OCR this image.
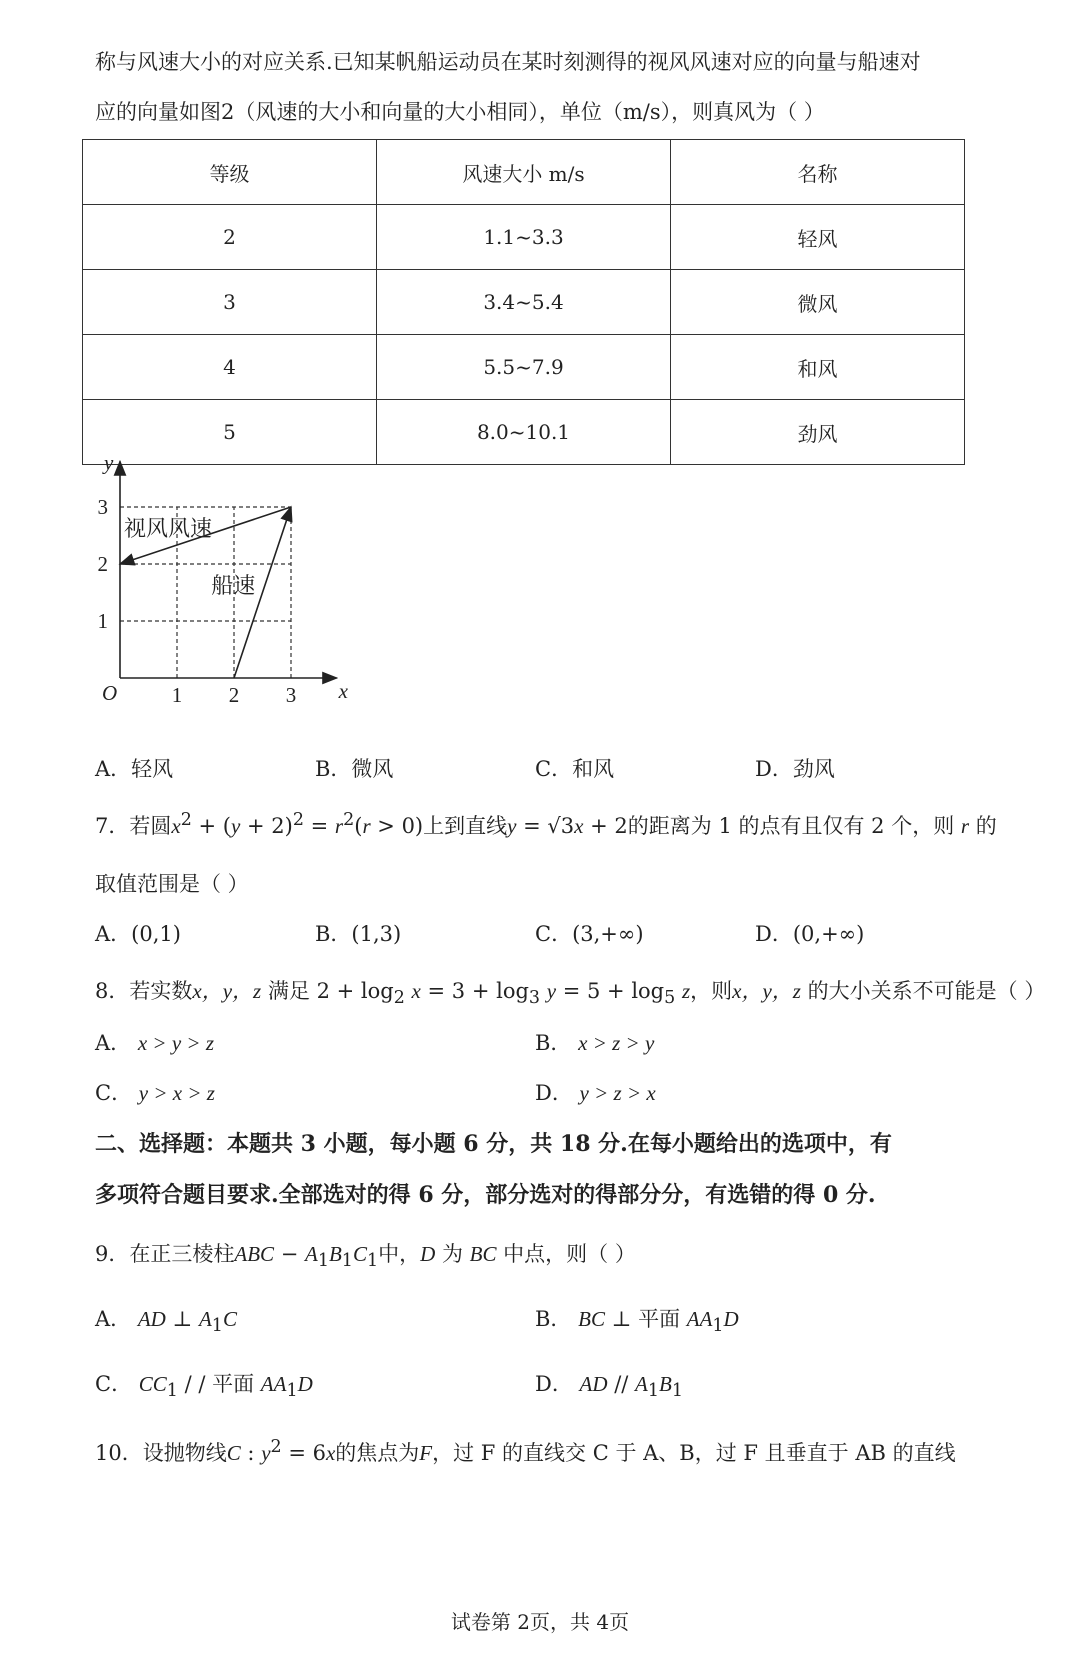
称与风速大小的对应关系.已知某帆船运动员在某时刻测得的视风风速对应的向量与船速对
应的向量如图2（风速的大小和向量的大小相同），单位（m/s），则真风为（ ）
等级	风速大小 m/s	名称
2	1.1~3.3	轻风
3	3.4~5.4	微风
4	5.5~7.9	和风
5	8.0~10.1	劲风
1 2 3
1
2
3
O	x
y
视风风速
船速
A．轻风	B．微风	C．和风	D．劲风
7．若圆$x^2 + (y + 2)^2 = r^2(r > 0)$上到直线y = √3x + 2的距离为 1 的点有且仅有 2 个，则 r 的
取值范围是（ ）
A．(0,1)	B．(1,3)	C．(3,+∞)	D．(0,+∞)
8．若实数x，y，z 满足 $2 + \log_2 x = 3 + \log_3 y = 5 + \log_5 z$，则x，y，z 的大小关系不可能是（ ）
A． x > y > z	B． x > z > y
C． y > x > z	D． y > z > x
二、选择题：本题共 3 小题，每小题 6 分，共 18 分.在每小题给出的选项中，有
多项符合题目要求.全部选对的得 6 分，部分选对的得部分分，有选错的得 0 分.
9．在正三棱柱ABC − $A_1B_1C_1$中，D 为 BC 中点，则（ ）
A． AD ⊥ $A_1C$	B． BC ⊥ 平面 $AA_1D$
C． $CC_1$ / / 平面 $AA_1D$	D． AD // $A_1B_1$
10．设抛物线C : $y^2 = 6x$的焦点为F，过 F 的直线交 C 于 A、B，过 F 且垂直于 AB 的直线
试卷第 2页，共 4页
